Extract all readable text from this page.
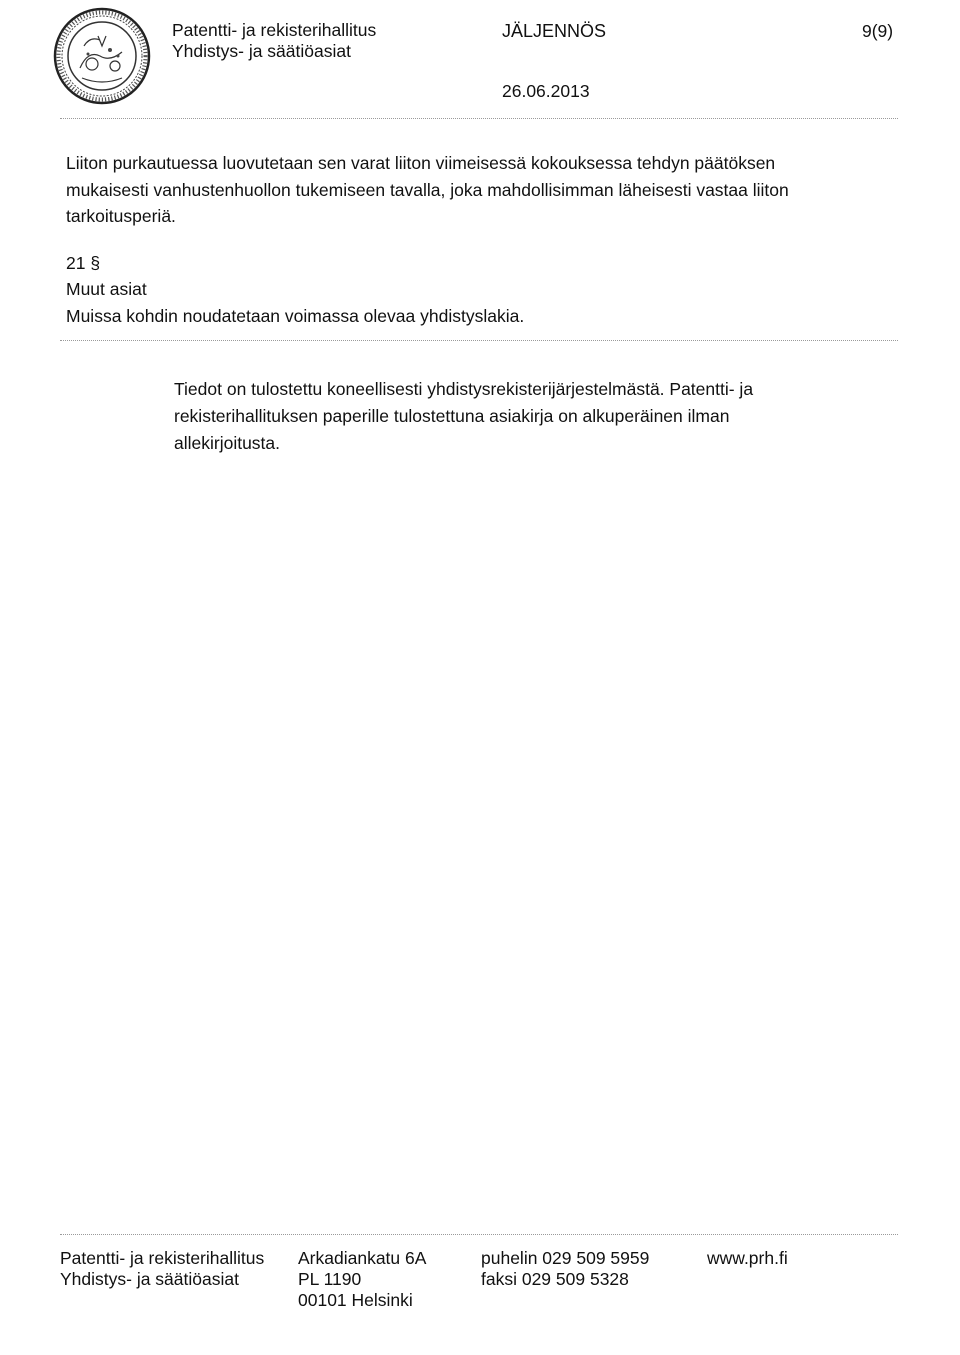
Patentti- ja rekisterihallitus
Yhdistys- ja säätiöasiat
JÄLJENNÖS	9(9)
26.06.2013

Liiton purkautuessa luovutetaan sen varat liiton viimeisessä kokouksessa tehdyn päätöksen mukaisesti vanhustenhuollon tukemiseen tavalla, joka mahdollisimman läheisesti vastaa liiton tarkoitusperiä.

21 §
Muut asiat
Muissa kohdin noudatetaan voimassa olevaa yhdistyslakia.

Tiedot on tulostettu koneellisesti yhdistysrekisterijärjestelmästä. Patentti- ja rekisterihallituksen paperille tulostettuna asiakirja on alkuperäinen ilman allekirjoitusta.

Patentti- ja rekisterihallitus
Yhdistys- ja säätiöasiat
Arkadiankatu 6A
PL 1190
00101 Helsinki
puhelin 029 509 5959
faksi 029 509 5328
www.prh.fi
